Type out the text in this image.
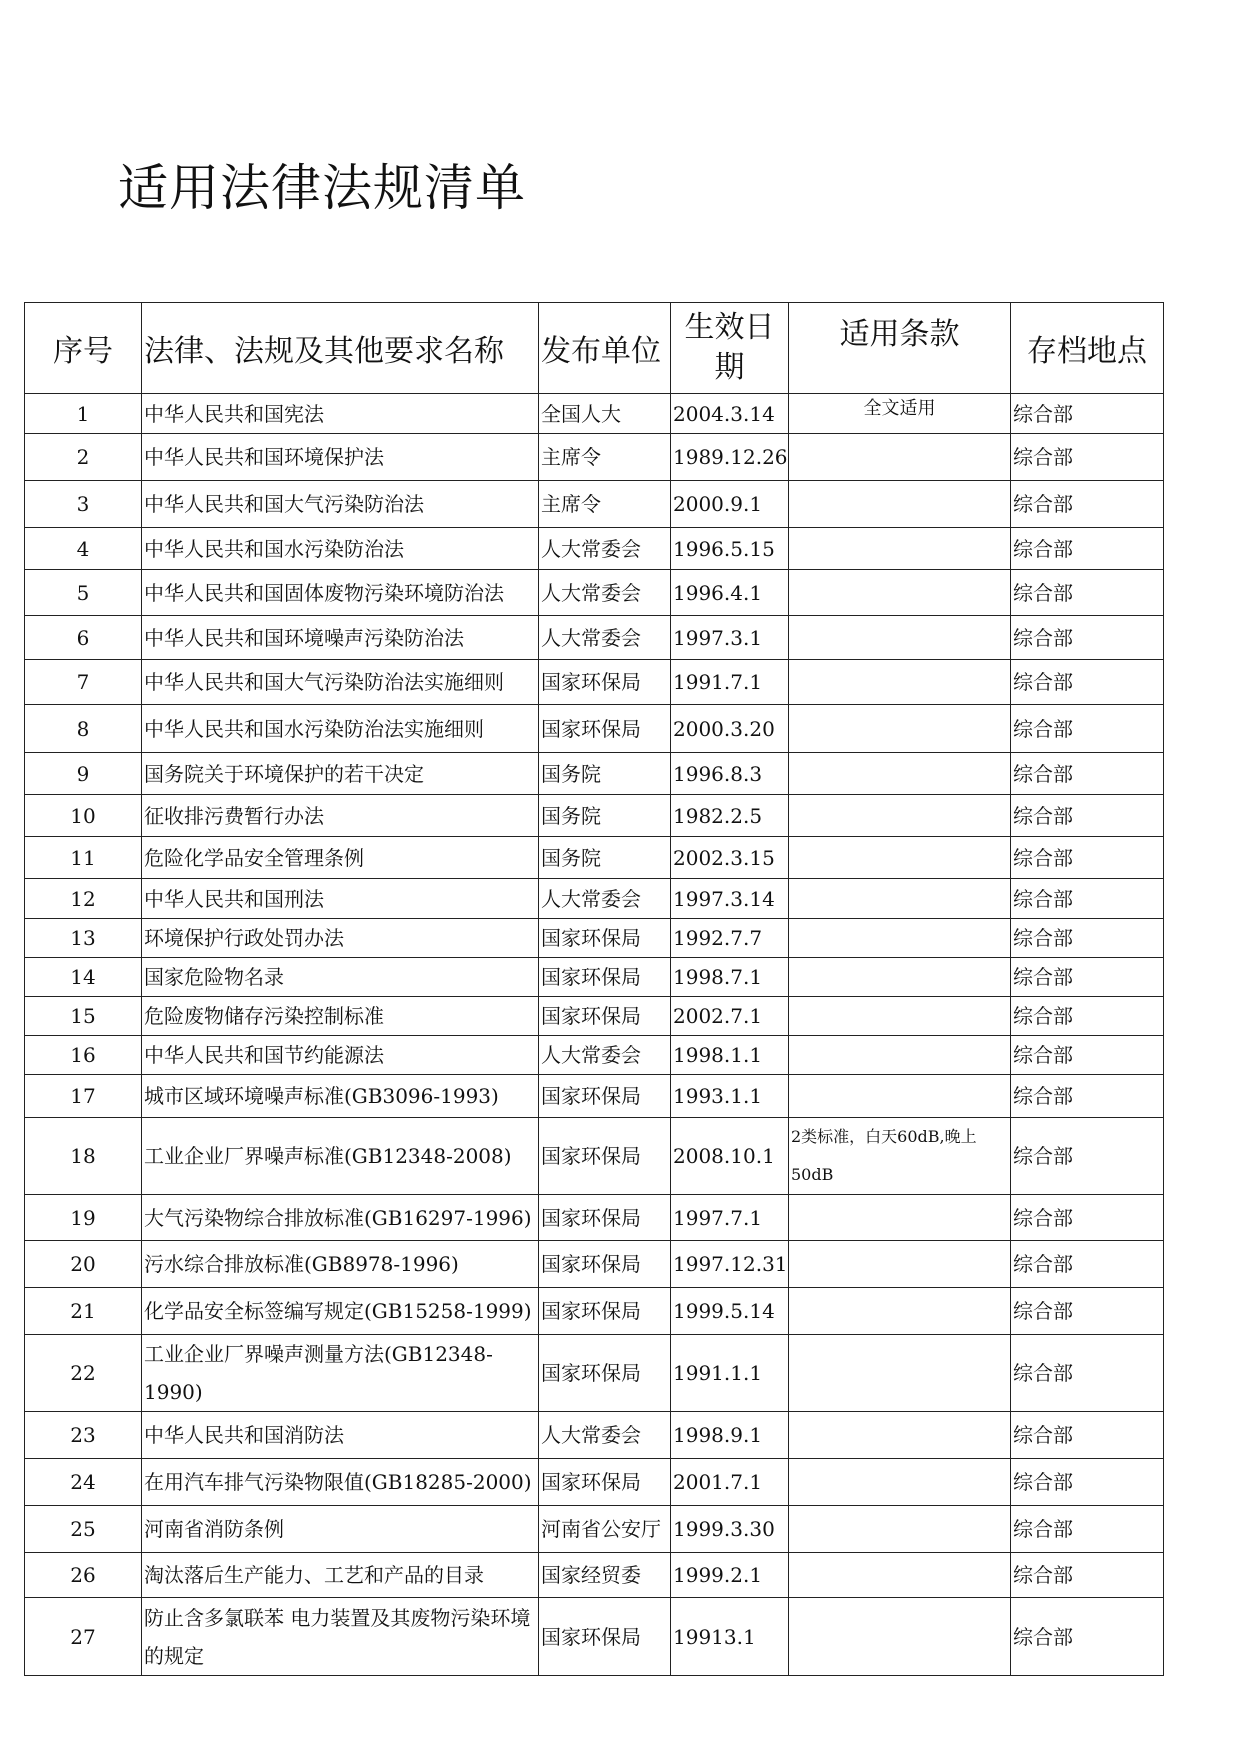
适用法律法规清单
序号	法律、法规及其他要求名称	发布单位	生效日期	适用条款	存档地点
1	中华人民共和国宪法	全国人大	2004.3.14	全文适用	综合部
2	中华人民共和国环境保护法	主席令	1989.12.26		综合部
3	中华人民共和国大气污染防治法	主席令	2000.9.1		综合部
4	中华人民共和国水污染防治法	人大常委会	1996.5.15		综合部
5	中华人民共和国固体废物污染环境防治法	人大常委会	1996.4.1		综合部
6	中华人民共和国环境噪声污染防治法	人大常委会	1997.3.1		综合部
7	中华人民共和国大气污染防治法实施细则	国家环保局	1991.7.1		综合部
8	中华人民共和国水污染防治法实施细则	国家环保局	2000.3.20		综合部
9	国务院关于环境保护的若干决定	国务院	1996.8.3		综合部
10	征收排污费暂行办法	国务院	1982.2.5		综合部
11	危险化学品安全管理条例	国务院	2002.3.15		综合部
12	中华人民共和国刑法	人大常委会	1997.3.14		综合部
13	环境保护行政处罚办法	国家环保局	1992.7.7		综合部
14	国家危险物名录	国家环保局	1998.7.1		综合部
15	危险废物储存污染控制标准	国家环保局	2002.7.1		综合部
16	中华人民共和国节约能源法	人大常委会	1998.1.1		综合部
17	城市区域环境噪声标准(GB3096-1993)	国家环保局	1993.1.1		综合部
18	工业企业厂界噪声标准(GB12348-2008)	国家环保局	2008.10.1	2类标准，白天60dB,晚上50dB	综合部
19	大气污染物综合排放标准(GB16297-1996)	国家环保局	1997.7.1		综合部
20	污水综合排放标准(GB8978-1996)	国家环保局	1997.12.31		综合部
21	化学品安全标签编写规定(GB15258-1999)	国家环保局	1999.5.14		综合部
22	工业企业厂界噪声测量方法(GB12348-1990)	国家环保局	1991.1.1		综合部
23	中华人民共和国消防法	人大常委会	1998.9.1		综合部
24	在用汽车排气污染物限值(GB18285-2000)	国家环保局	2001.7.1		综合部
25	河南省消防条例	河南省公安厅	1999.3.30		综合部
26	淘汰落后生产能力、工艺和产品的目录	国家经贸委	1999.2.1		综合部
27	防止含多氯联苯 电力装置及其废物污染环境的规定	国家环保局	19913.1		综合部
